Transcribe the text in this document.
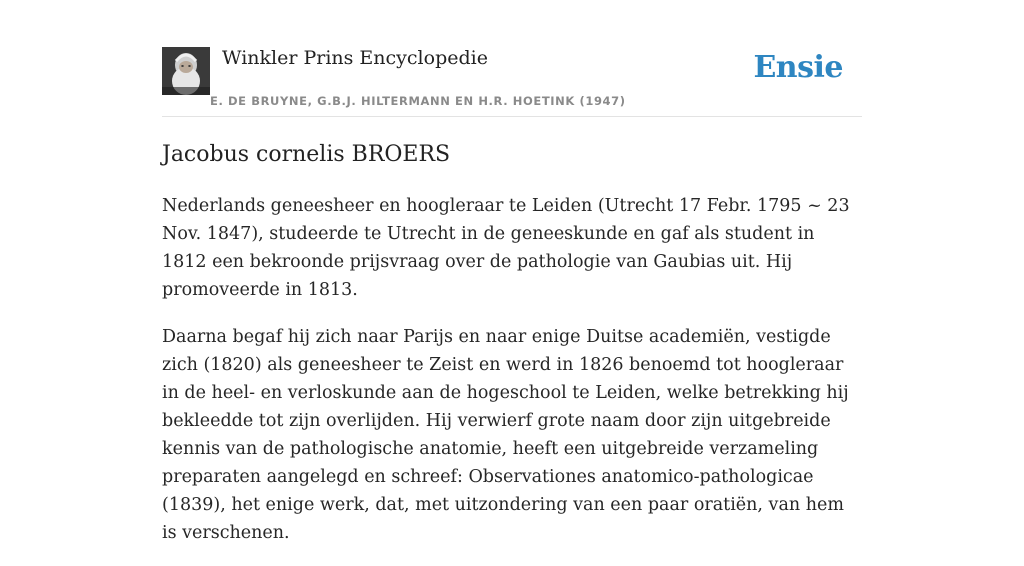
Winkler Prins Encyclopedie
E. DE BRUYNE, G.B.J. HILTERMANN EN H.R. HOETINK (1947)
Ensie
Jacobus cornelis BROERS

Nederlands geneesheer en hoogleraar te Leiden (Utrecht 17 Febr. 1795 ~ 23 Nov. 1847), studeerde te Utrecht in de geneeskunde en gaf als student in 1812 een bekroonde prijsvraag over de pathologie van Gaubias uit. Hij promoveerde in 1813.

Daarna begaf hij zich naar Parijs en naar enige Duitse academiën, vestigde zich (1820) als geneesheer te Zeist en werd in 1826 benoemd tot hoogleraar in de heel- en verloskunde aan de hogeschool te Leiden, welke betrekking hij bekleedde tot zijn overlijden. Hij verwierf grote naam door zijn uitgebreide kennis van de pathologische anatomie, heeft een uitgebreide verzameling preparaten aangelegd en schreef: Observationes anatomico-pathologicae (1839), het enige werk, dat, met uitzondering van een paar oratiën, van hem is verschenen.
